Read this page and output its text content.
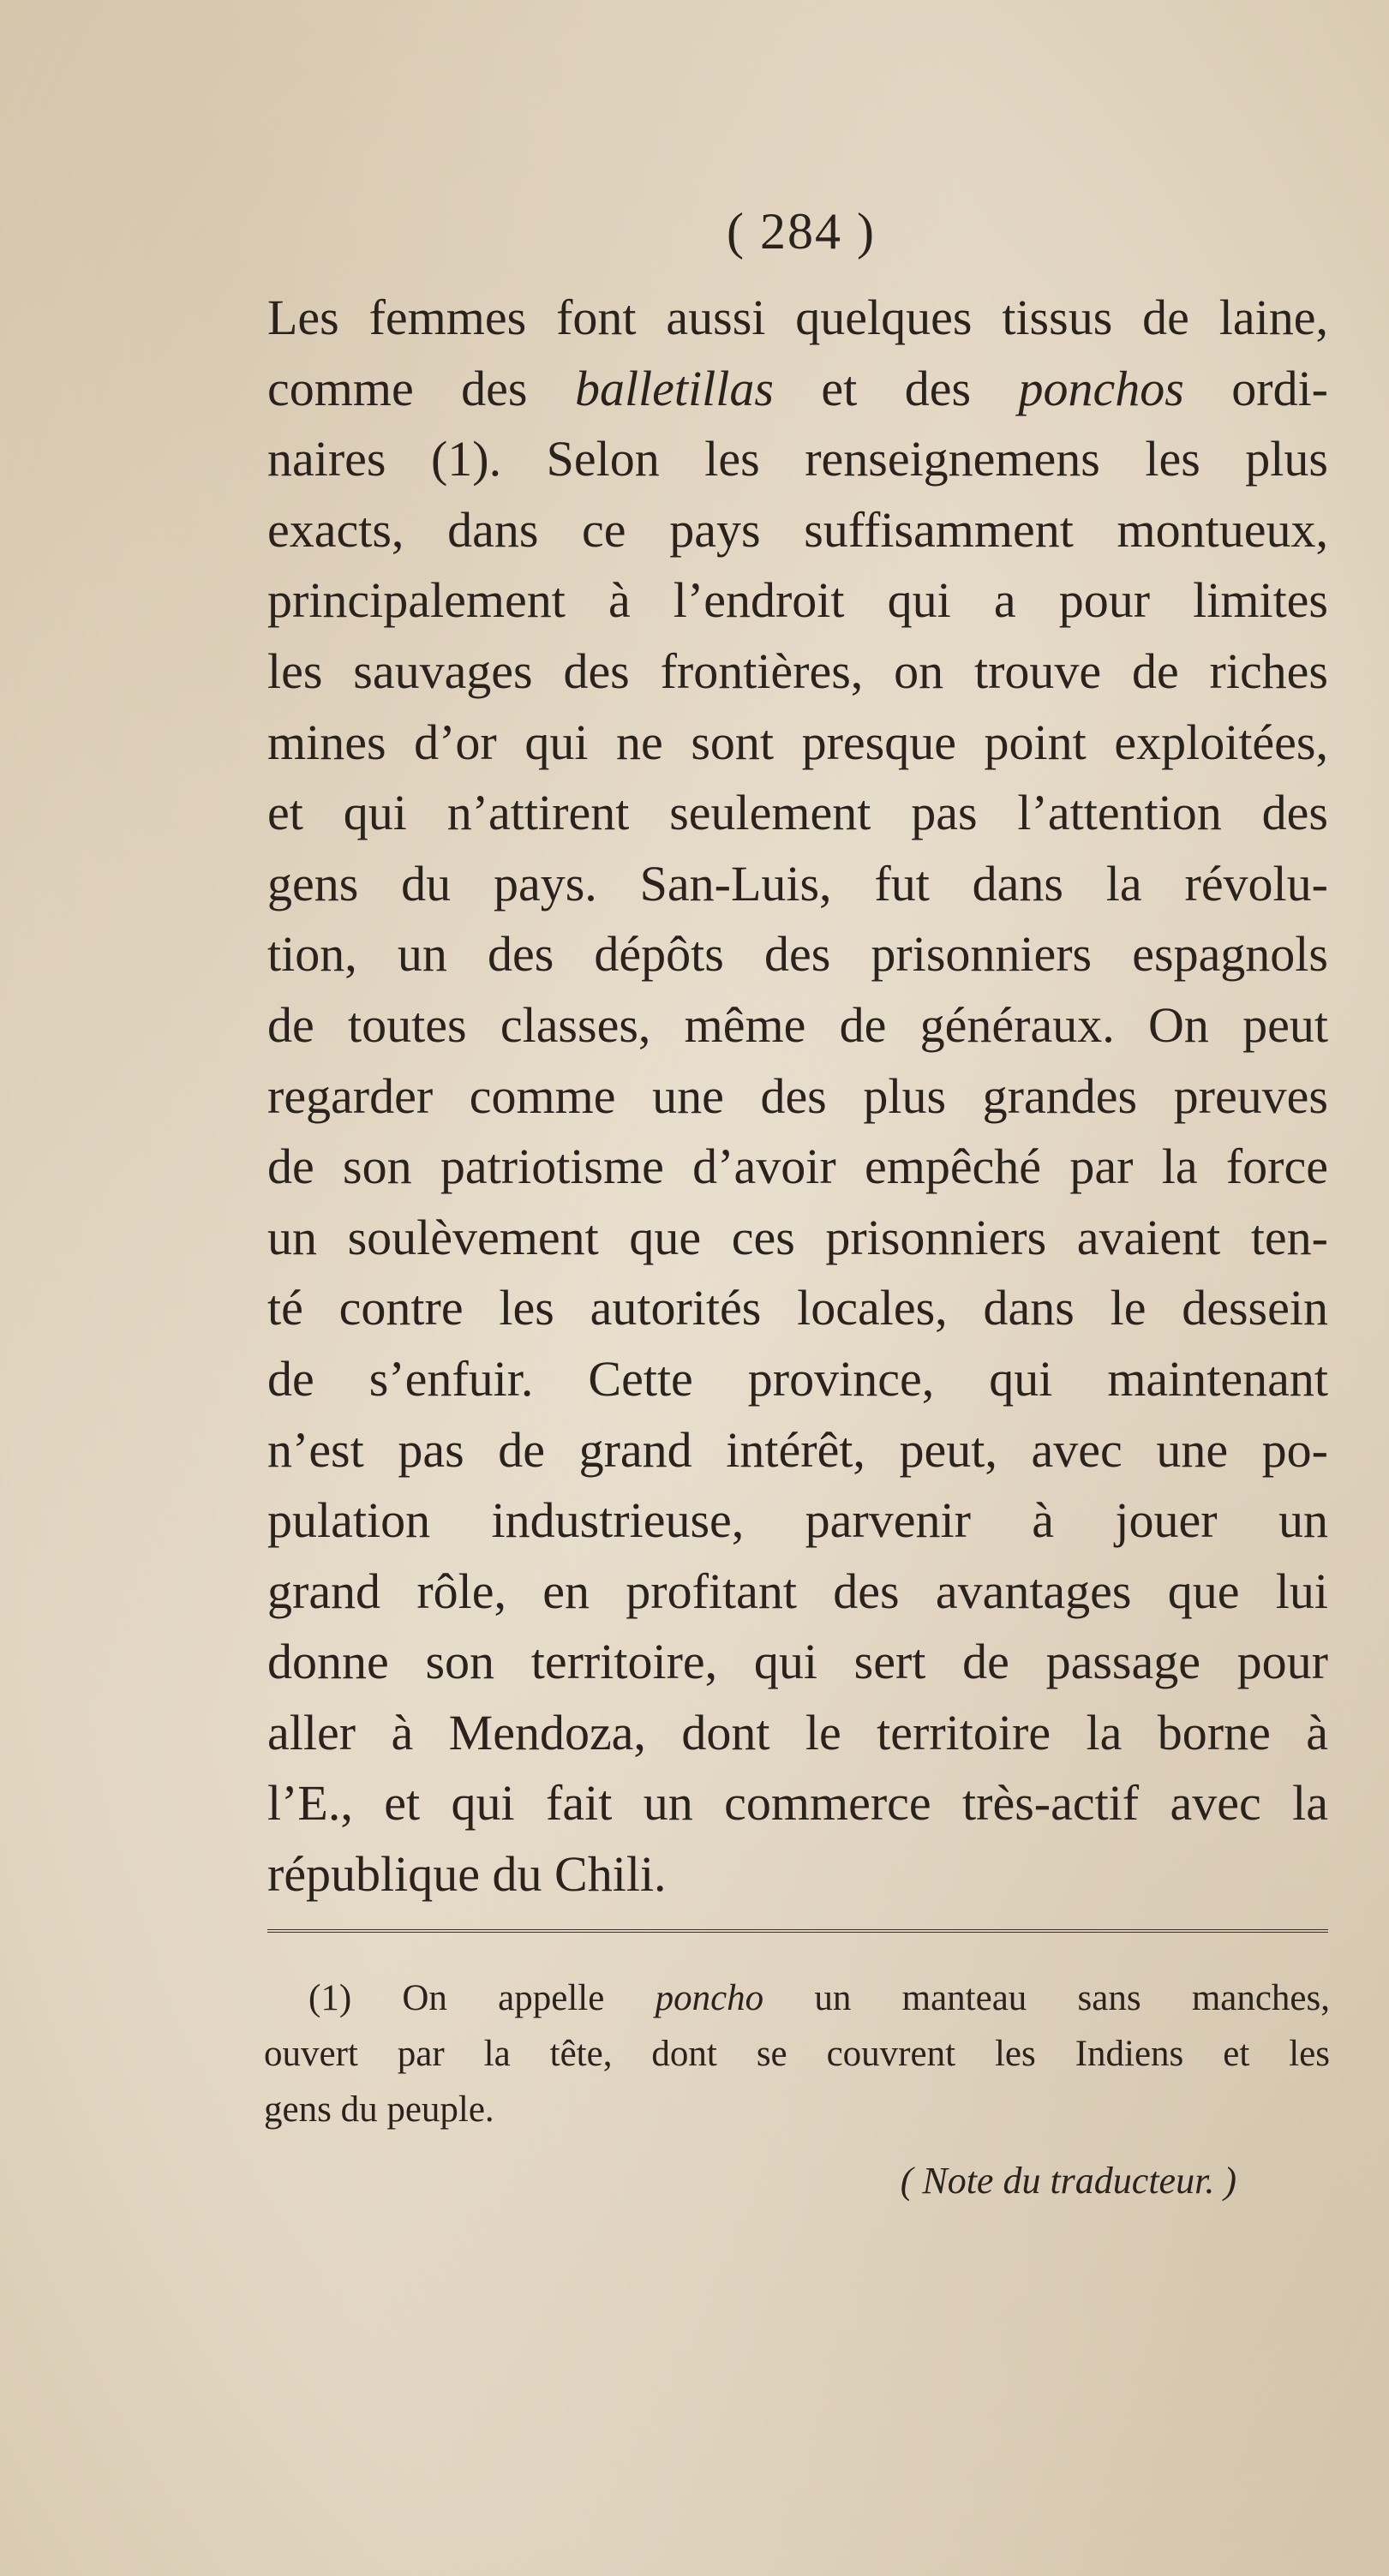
( 284 )
Les femmes font aussi quelques tissus de laine,
comme des balletillas et des ponchos ordi-
naires (1). Selon les renseignemens les plus
exacts, dans ce pays suffisamment montueux,
principalement à l’endroit qui a pour limites
les sauvages des frontières, on trouve de riches
mines d’or qui ne sont presque point exploitées,
et qui n’attirent seulement pas l’attention des
gens du pays. San-Luis, fut dans la révolu-
tion, un des dépôts des prisonniers espagnols
de toutes classes, même de généraux. On peut
regarder comme une des plus grandes preuves
de son patriotisme d’avoir empêché par la force
un soulèvement que ces prisonniers avaient ten-
té contre les autorités locales, dans le dessein
de s’enfuir. Cette province, qui maintenant
n’est pas de grand intérêt, peut, avec une po-
pulation industrieuse, parvenir à jouer un
grand rôle, en profitant des avantages que lui
donne son territoire, qui sert de passage pour
aller à Mendoza, dont le territoire la borne à
l’E., et qui fait un commerce très-actif avec la
république du Chili.
(1) On appelle poncho un manteau sans manches,
ouvert par la tête, dont se couvrent les Indiens et les
gens du peuple.
( Note du traducteur. )
